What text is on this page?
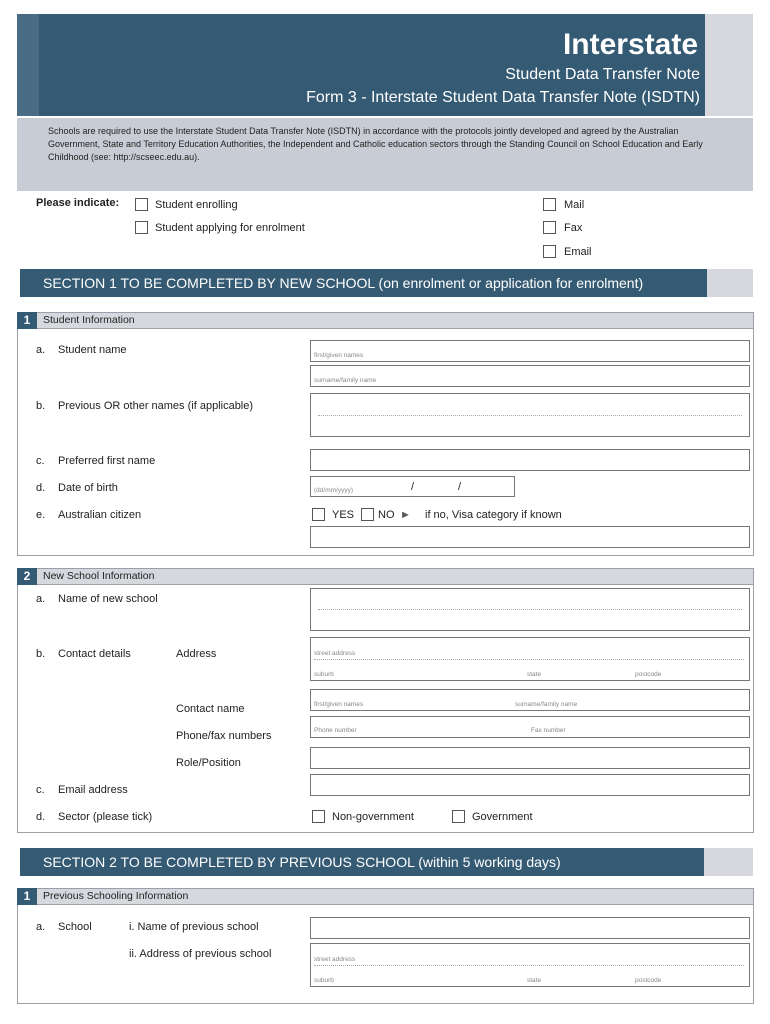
Interstate
Student Data Transfer Note
Form 3 - Interstate Student Data Transfer Note (ISDTN)
Schools are required to use the Interstate Student Data Transfer Note (ISDTN) in accordance with the protocols jointly developed and agreed by the Australian Government, State and Territory Education Authorities, the Independent and Catholic education sectors through the Standing Council on School Education and Early Childhood (see: http://scseec.edu.au).
Please indicate:	Student enrolling
Student applying for enrolment
Mail
Fax
Email
SECTION 1 TO BE COMPLETED BY NEW SCHOOL (on enrolment or application for enrolment)
1	Student Information
a. Student name	first/given names
surname/family name
b. Previous OR other names (if applicable)
c. Preferred first name
d. Date of birth	(dd/mm/yyyy)	/	/
e. Australian citizen	YES NO ► if no, Visa category if known
2	New School Information
a. Name of new school
b. Contact details	Address	street address
suburb	state	postcode
Contact name	first/given names	surname/family name
Phone/fax numbers	Phone number	Fax number
Role/Position
c. Email address
d. Sector (please tick)	Non-government	Government
SECTION 2 TO BE COMPLETED BY PREVIOUS SCHOOL (within 5 working days)
1	Previous Schooling Information
a. School	i. Name of previous school
ii. Address of previous school	street address
suburb	state	postcode
